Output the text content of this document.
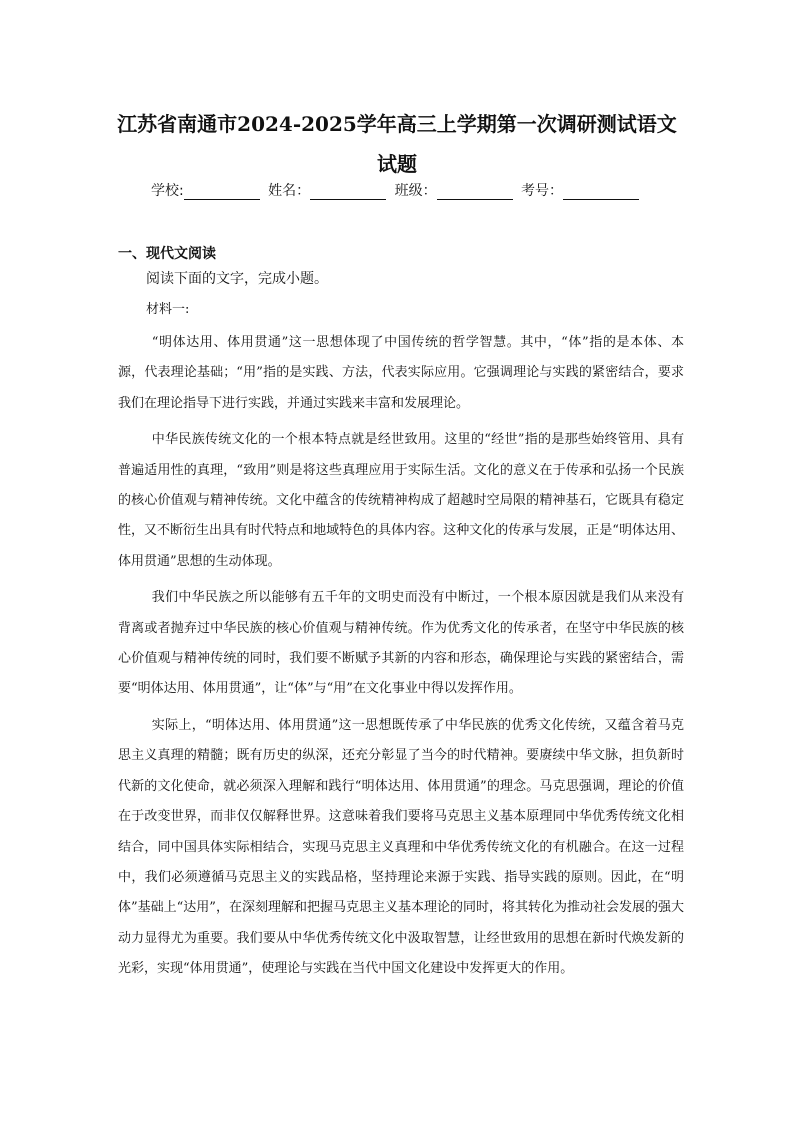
江苏省南通市2024-2025学年高三上学期第一次调研测试语文
试题
学校:	姓名：	班级：	考号：
一、现代文阅读
阅读下面的文字，完成小题。
材料一:

“明体达用、体用贯通”这一思想体现了中国传统的哲学智慧。其中，“体”指的是本体、本源，代表理论基础；“用”指的是实践、方法，代表实际应用。它强调理论与实践的紧密结合，要求我们在理论指导下进行实践，并通过实践来丰富和发展理论。

中华民族传统文化的一个根本特点就是经世致用。这里的“经世”指的是那些始终管用、具有普遍适用性的真理，“致用”则是将这些真理应用于实际生活。文化的意义在于传承和弘扬一个民族的核心价值观与精神传统。文化中蕴含的传统精神构成了超越时空局限的精神基石，它既具有稳定性，又不断衍生出具有时代特点和地域特色的具体内容。这种文化的传承与发展，正是“明体达用、体用贯通”思想的生动体现。

我们中华民族之所以能够有五千年的文明史而没有中断过，一个根本原因就是我们从来没有背离或者抛弃过中华民族的核心价值观与精神传统。作为优秀文化的传承者，在坚守中华民族的核心价值观与精神传统的同时，我们要不断赋予其新的内容和形态，确保理论与实践的紧密结合，需要“明体达用、体用贯通”，让“体”与“用”在文化事业中得以发挥作用。

实际上，“明体达用、体用贯通”这一思想既传承了中华民族的优秀文化传统，又蕴含着马克思主义真理的精髓；既有历史的纵深，还充分彰显了当今的时代精神。要赓续中华文脉，担负新时代新的文化使命，就必须深入理解和践行“明体达用、体用贯通”的理念。马克思强调，理论的价值在于改变世界，而非仅仅解释世界。这意味着我们要将马克思主义基本原理同中华优秀传统文化相结合，同中国具体实际相结合，实现马克思主义真理和中华优秀传统文化的有机融合。在这一过程中，我们必须遵循马克思主义的实践品格，坚持理论来源于实践、指导实践的原则。因此，在“明体”基础上“达用”，在深刻理解和把握马克思主义基本理论的同时，将其转化为推动社会发展的强大动力显得尤为重要。我们要从中华优秀传统文化中汲取智慧，让经世致用的思想在新时代焕发新的光彩，实现“体用贯通”，使理论与实践在当代中国文化建设中发挥更大的作用。
